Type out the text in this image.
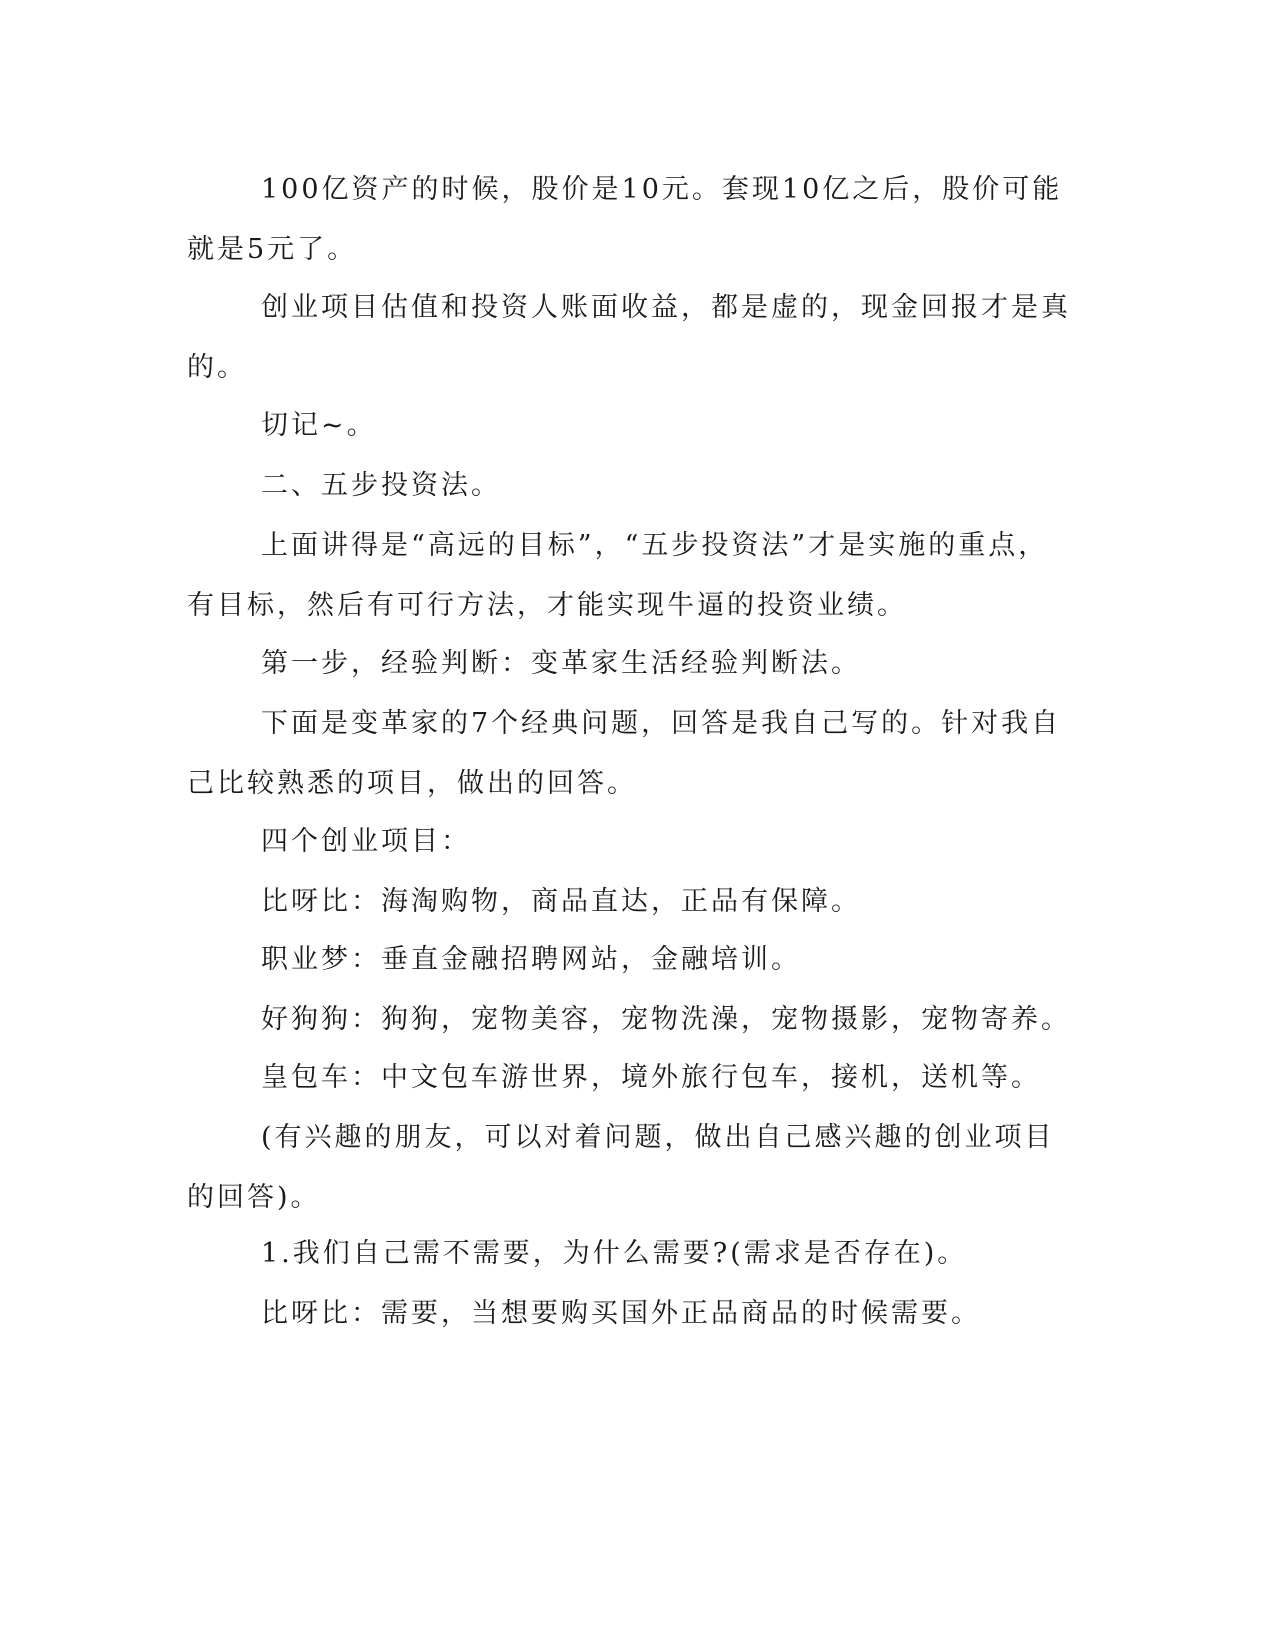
100亿资产的时候，股价是10元。套现10亿之后，股价可能就是5元了。

创业项目估值和投资人账面收益，都是虚的，现金回报才是真的。

切记~。

二、五步投资法。

上面讲得是“高远的目标”，“五步投资法”才是实施的重点，有目标，然后有可行方法，才能实现牛逼的投资业绩。

第一步，经验判断：变革家生活经验判断法。

下面是变革家的7个经典问题，回答是我自己写的。针对我自己比较熟悉的项目，做出的回答。

四个创业项目：

比呀比：海淘购物，商品直达，正品有保障。

职业梦：垂直金融招聘网站，金融培训。

好狗狗：狗狗，宠物美容，宠物洗澡，宠物摄影，宠物寄养。

皇包车：中文包车游世界，境外旅行包车，接机，送机等。

(有兴趣的朋友，可以对着问题，做出自己感兴趣的创业项目的回答)。

1.我们自己需不需要，为什么需要?(需求是否存在)。

比呀比：需要，当想要购买国外正品商品的时候需要。
